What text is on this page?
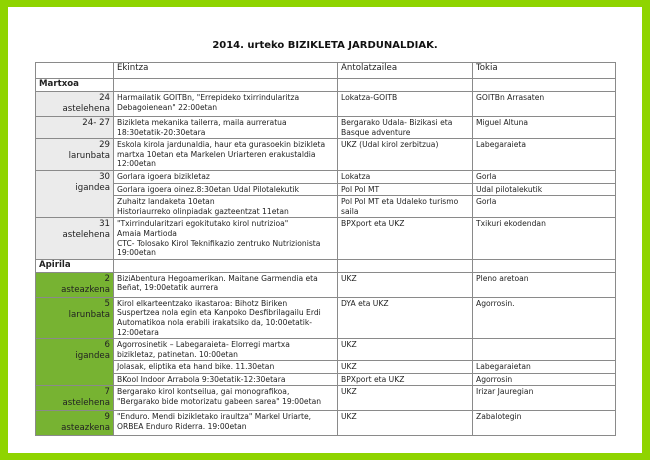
2014. urteko BIZIKLETA JARDUNALDIAK.
	Ekintza	Antolatzailea	Tokia
Martxoa			

24
astelehena	Harmailatik GOITBn, "Errepideko txirrindularitza
Debagoienean" 22:00etan	Lokatza-GOITB	GOITBn Arrasaten

24- 27	Bizikleta mekanika tailerra, maila aurreratua
18:30etatik-20:30etara	Bergarako Udala- Bizikasi eta
Basque adventure	Miguel Altuna

29
larunbata	Eskola kirola jardunaldia, haur eta gurasoekin bizikleta
martxa 10etan eta Markelen Uriarteren erakustaldia
12:00etan	UKZ (Udal kirol zerbitzua)	Labegaraieta

30
igandea	Gorlara igoera bizikletaz	Lokatza	Gorla
	Gorlara igoera oinez.8:30etan Udal Pilotalekutik	Pol Pol MT	Udal pilotalekutik
	Zuhaitz landaketa 10etan
Historiaurreko olinpiadak gazteentzat 11etan	Pol Pol MT eta Udaleko turismo
saila	Gorla

31
astelehena	"Txirrindularitzari egokitutako kirol nutrizioa"
Amaia Martioda
CTC- Tolosako Kirol Teknifikazio zentruko Nutrizionista
19:00etan	BPXport eta UKZ	Txikuri ekodendan
Apirila			

2
asteazkena	BiziAbentura Hegoamerikan. Maitane Garmendia eta
Beñat, 19:00etatik aurrera	UKZ	Pleno aretoan

5
larunbata	Kirol elkarteentzako ikastaroa: Bihotz Biriken
Suspertzea nola egin eta Kanpoko Desfibrilagailu Erdi
Automatikoa nola erabili irakatsiko da, 10:00etatik-
12:00etara	DYA eta UKZ	Agorrosin.

6
igandea	Agorrosinetik – Labegaraieta- Elorregi martxa
bizikletaz, patinetan. 10:00etan	UKZ	
	Jolasak, eliptika eta hand bike. 11.30etan	UKZ	Labegaraietan
	BKool Indoor Arrabola 9:30etatik-12:30etara	BPXport eta UKZ	Agorrosin

7
astelehena	Bergarako kirol kontseilua, gai monografikoa,
"Bergarako bide motorizatu gabeen sarea" 19:00etan	UKZ	Irizar Jauregian

9
asteazkena	"Enduro. Mendi bizikletako iraultza" Markel Uriarte,
ORBEA Enduro Riderra. 19:00etan	UKZ	Zabalotegin
